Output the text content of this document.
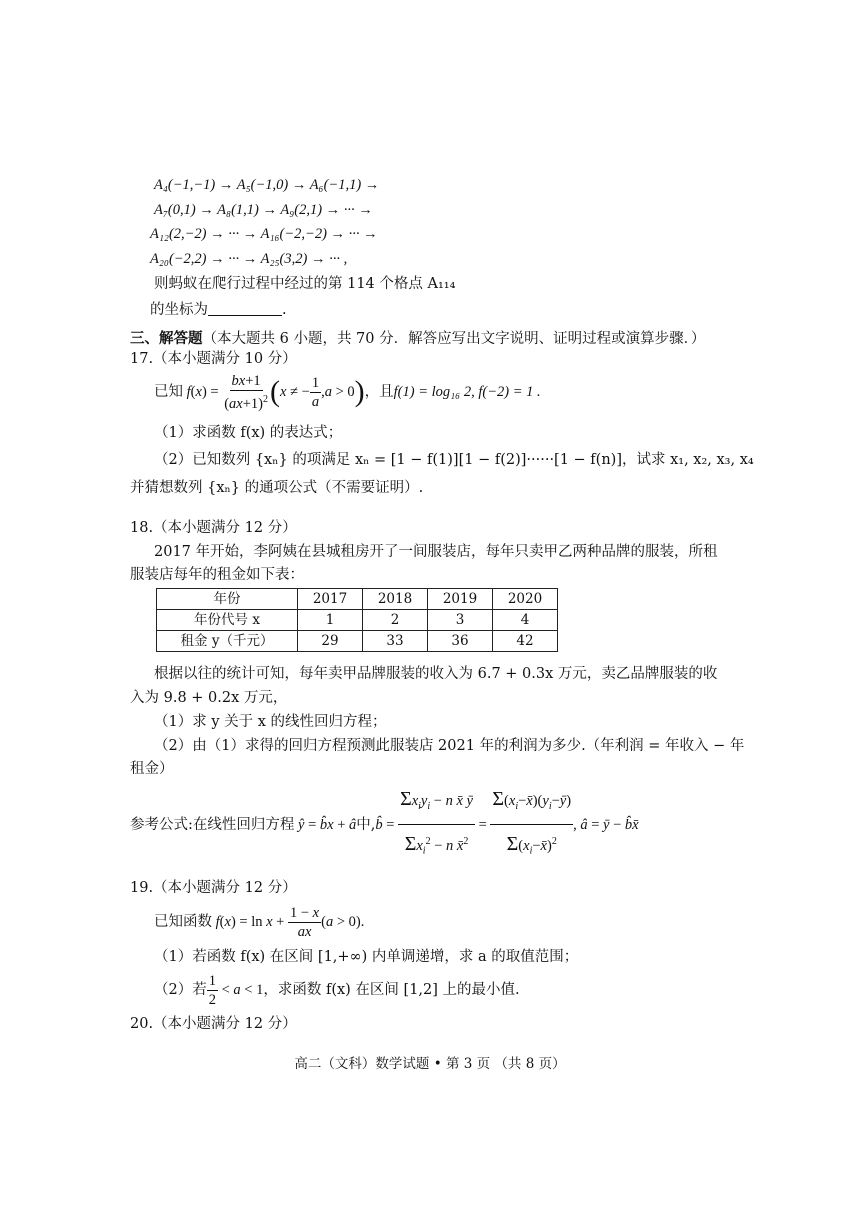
A₄(−1,−1) → A₅(−1,0) → A₆(−1,1) →
A₇(0,1) → A₈(1,1) → A₉(2,1) → ··· →
A₁₂(2,−2) → ··· → A₁₆(−2,−2) → ··· →
A₂₀(−2,2) → ··· → A₂₅(3,2) → ··· ,
则蚂蚁在爬行过程中经过的第 114 个格点 A₁₁₄
的坐标为	.
三、解答题（本大题共 6 小题，共 70 分．解答应写出文字说明、证明过程或演算步骤．）
17.（本小题满分 10 分）
已知 f ( x ) = $\frac{bx+1}{(ax+1)^2}$ ( x ≠ − $\frac{1}{a}$ , a > 0 ) ，且 f(1) = log₁₆ 2, f(−2) = 1 .
（1）求函数 f(x) 的表达式；
（2）已知数列 {xₙ} 的项满足 xₙ = [1 − f(1)][1 − f(2)]······[1 − f(n)]，试求 x₁, x₂, x₃, x₄
并猜想数列 {xₙ} 的通项公式（不需要证明）.
18.（本小题满分 12 分）
2017 年开始，李阿姨在县城租房开了一间服装店，每年只卖甲乙两种品牌的服装，所租
服装店每年的租金如下表：
年份	2017	2018	2019	2020
年份代号 x	1	2	3	4
租金 y（千元）	29	33	36	42
根据以往的统计可知，每年卖甲品牌服装的收入为 6.7 + 0.3x 万元，卖乙品牌服装的收
入为 9.8 + 0.2x 万元，
（1）求 y 关于 x 的线性回归方程；
（2）由（1）求得的回归方程预测此服装店 2021 年的利润为多少.（年利润 = 年收入 − 年
租金）
参考公式:在线性回归方程 ŷ = b̂x + â 中, b̂ = $\frac{\Sigma x_iy_i - n x̄ ȳ}{\Sigma x_i^2 - n x̄^2} = \frac{\Sigma(x_i-x̄)(y_i-ȳ)}{\Sigma(x_i-x̄)^2}$ , â = ȳ − b̂x̄
19.（本小题满分 12 分）
已知函数 f ( x ) = $\ln x + \frac{1 - x}{ax}$ ( a > 0).
（1）若函数 f(x) 在区间 [1,+∞) 内单调递增，求 a 的取值范围；
（2）若 $\frac{1}{2} < a < 1$ ，求函数 f(x) 在区间 [1,2] 上的最小值.
20.（本小题满分 12 分）
高二（文科）数学试题 • 第 3 页 （共 8 页）
